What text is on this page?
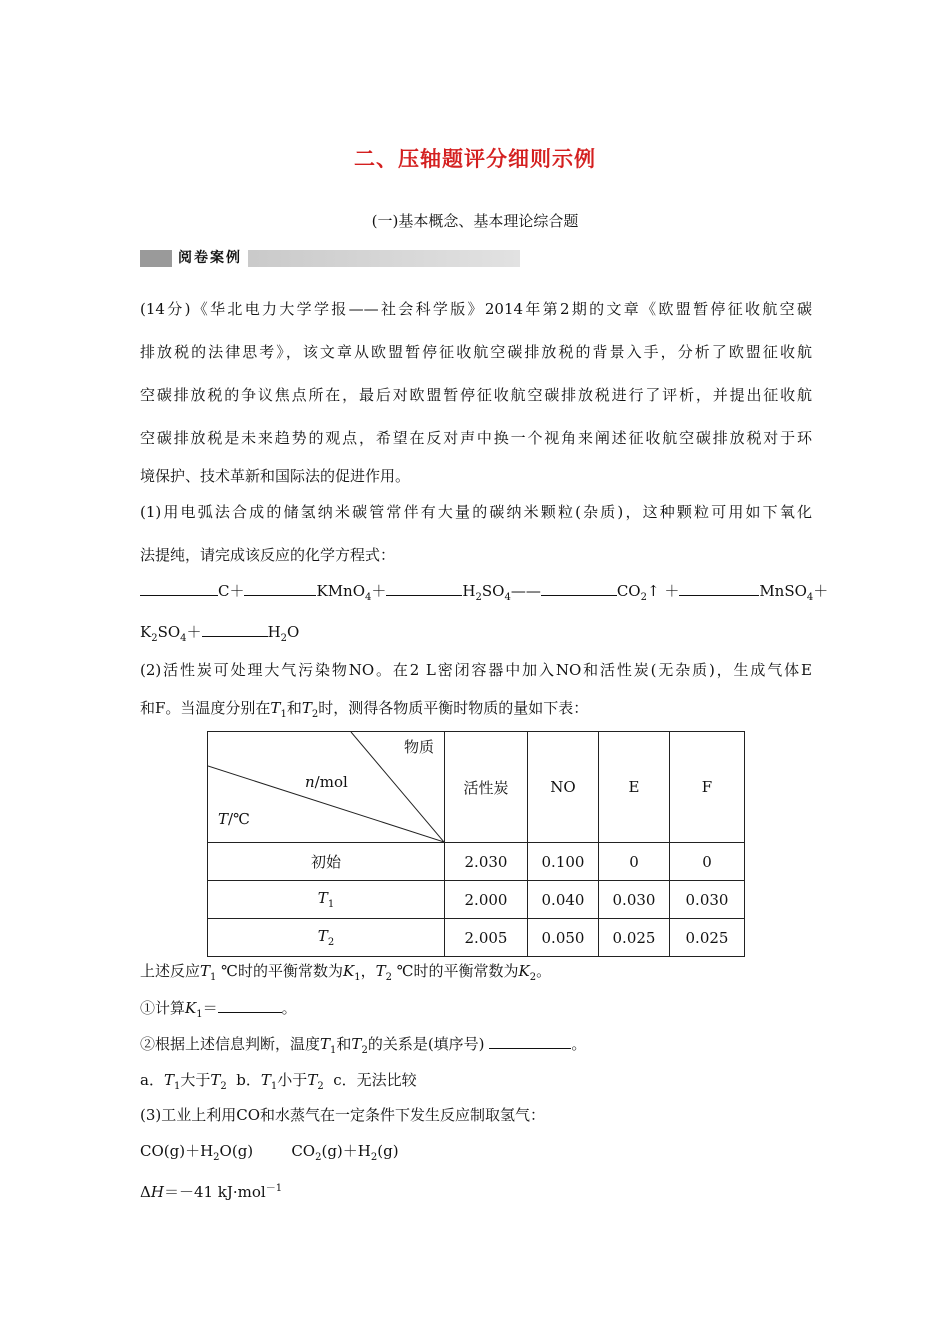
二、压轴题评分细则示例
(一)基本概念、基本理论综合题
阅卷案例
(14分)《华北电力大学学报——社会科学版》2014年第2期的文章《欧盟暂停征收航空碳
排放税的法律思考》，该文章从欧盟暂停征收航空碳排放税的背景入手，分析了欧盟征收航
空碳排放税的争议焦点所在，最后对欧盟暂停征收航空碳排放税进行了评析，并提出征收航
空碳排放税是未来趋势的观点，希望在反对声中换一个视角来阐述征收航空碳排放税对于环
境保护、技术革新和国际法的促进作用。
(1)用电弧法合成的储氢纳米碳管常伴有大量的碳纳米颗粒(杂质)，这种颗粒可用如下氧化
法提纯，请完成该反应的化学方程式：
C＋	KMnO$_4$＋	$H_2SO_4——$	$CO_2↑$ ＋	MnSO$_4$＋
$K_2SO_4+$	$H_2O$
(2)活性炭可处理大气污染物NO。在2 L密闭容器中加入NO和活性炭(无杂质)，生成气体E
和F。当温度分别在$T_1$和$T_2$时，测得各物质平衡时物质的量如下表：
物质
n/mol
T/℃	活性炭	NO	E	F
初始	2.030	0.100	0	0
$T_1$	2.000	0.040	0.030	0.030
$T_2$	2.005	0.050	0.025	0.025
上述反应$T_1$ ℃时的平衡常数为$K_1$，$T_2$ ℃时的平衡常数为$K_2$。
①计算$K_1=$	。
②根据上述信息判断，温度$T_1$和$T_2$的关系是(填序号)	。
a．$T_1$大于$T_2$ b．$T_1$小于$T_2$ c．无法比较
(3)工业上利用CO和水蒸气在一定条件下发生反应制取氢气：
$CO(g)+H_2O(g)$	$CO_2(g)+H_2(g)$
ΔH＝－41 kJ·mol$^{-1}$
